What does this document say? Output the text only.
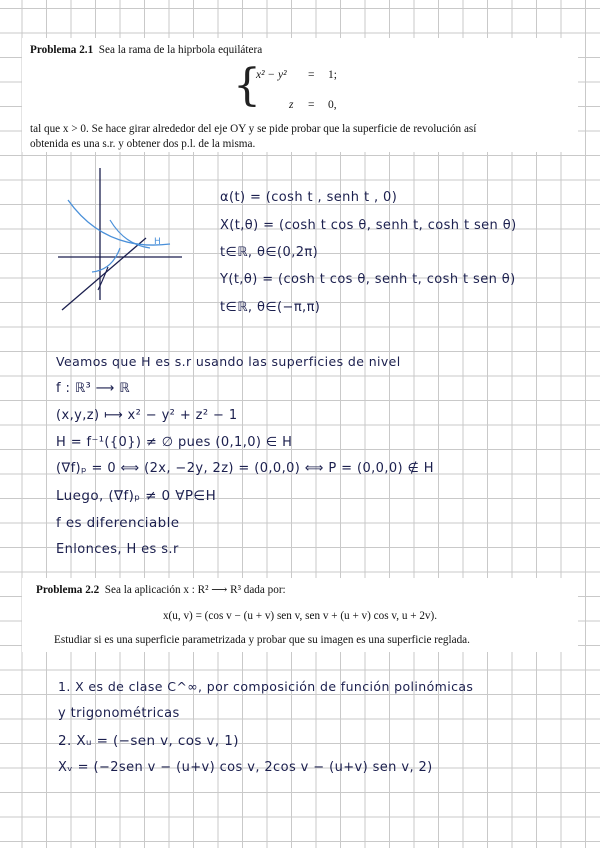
Problema 2.1 Sea la rama de la hiprbola equilátera
{
x² − y² = 1;
z = 0,
tal que x > 0. Se hace girar alrededor del eje OY y se pide probar que la superficie de revolución así
obtenida es una s.r. y obtener dos p.l. de la misma.
H
α(t) = (cosh t , senh t , 0)
X(t,θ) = (cosh t cos θ, senh t, cosh t sen θ)
t∈ℝ, θ∈(0,2π)
Y(t,θ) = (cosh t cos θ, senh t, cosh t sen θ)
t∈ℝ, θ∈(−π,π)
Veamos que H es s.r usando las superficies de nivel
f : ℝ³ ⟶ ℝ
(x,y,z) ⟼ x² − y² + z² − 1
H = f⁻¹({0}) ≠ ∅ pues (0,1,0) ∈ H
(∇f)ₚ = 0 ⟺ (2x, −2y, 2z) = (0,0,0) ⟺ P = (0,0,0) ∉ H
Luego, (∇f)ₚ ≠ 0 ∀P∈H
f es diferenciable
Enlonces, H es s.r
Problema 2.2 Sea la aplicación x : R² ⟶ R³ dada por:
x(u, v) = (cos v − (u + v) sen v, sen v + (u + v) cos v, u + 2v).
Estudiar si es una superficie parametrizada y probar que su imagen es una superficie reglada.
1. X es de clase C^∞, por composición de función polinómicas
y trigonométricas
2. Xᵤ = (−sen v, cos v, 1)
Xᵥ = (−2sen v − (u+v) cos v, 2cos v − (u+v) sen v, 2)
